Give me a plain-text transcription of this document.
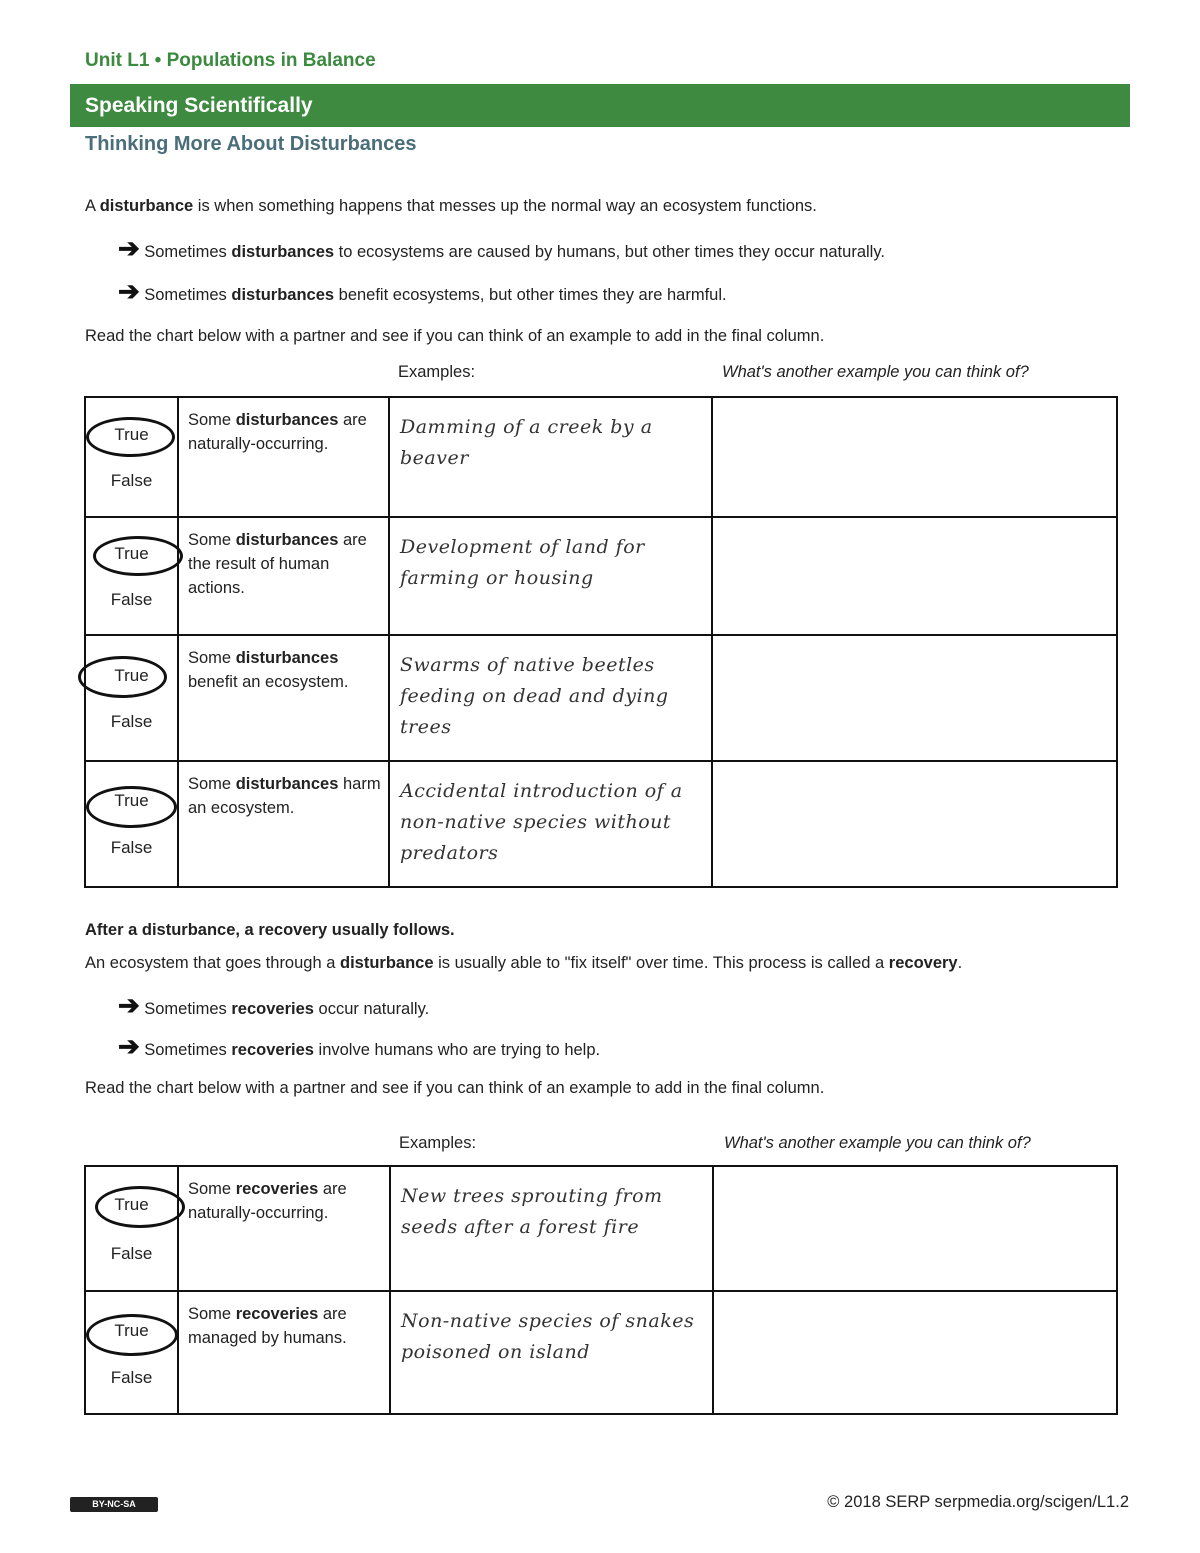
Unit L1 • Populations in Balance
Speaking Scientifically
Thinking More About Disturbances
A disturbance is when something happens that messes up the normal way an ecosystem functions.
➔ Sometimes disturbances to ecosystems are caused by humans, but other times they occur naturally.
➔ Sometimes disturbances benefit ecosystems, but other times they are harmful.
Read the chart below with a partner and see if you can think of an example to add in the final column.
Examples:	What's another example you can think of?
True
False	Some disturbances are naturally-occurring.	Damming of a creek by a beaver	

True
False	Some disturbances are the result of human actions.	Development of land for farming or housing	

True
False	Some disturbances benefit an ecosystem.	Swarms of native beetles feeding on dead and dying trees	

True
False	Some disturbances harm an ecosystem.	Accidental introduction of a non-native species without predators	

After a disturbance, a recovery usually follows.
An ecosystem that goes through a disturbance is usually able to "fix itself" over time. This process is called a recovery.
➔ Sometimes recoveries occur naturally.
➔ Sometimes recoveries involve humans who are trying to help.
Read the chart below with a partner and see if you can think of an example to add in the final column.
Examples:	What's another example you can think of?
True
False	Some recoveries are naturally-occurring.	New trees sprouting from seeds after a forest fire	

True
False	Some recoveries are managed by humans.	Non-native species of snakes poisoned on island	

BY-NC-SA	© 2018 SERP serpmedia.org/scigen/L1.2
